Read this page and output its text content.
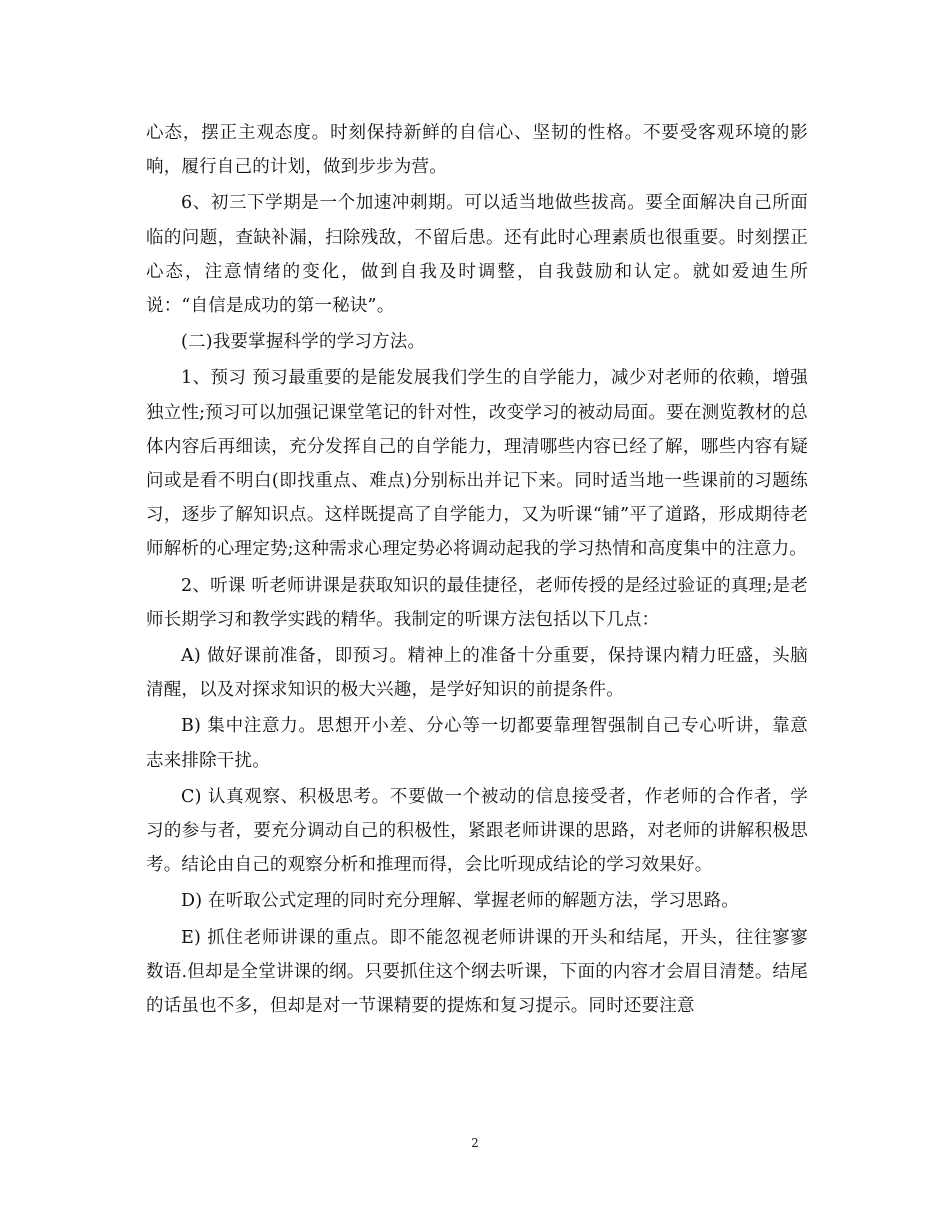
心态，摆正主观态度。时刻保持新鲜的自信心、坚韧的性格。不要受客观环境的影响，履行自己的计划，做到步步为营。

6、初三下学期是一个加速冲刺期。可以适当地做些拔高。要全面解决自己所面临的问题，查缺补漏，扫除残敌，不留后患。还有此时心理素质也很重要。时刻摆正心态，注意情绪的变化，做到自我及时调整，自我鼓励和认定。就如爱迪生所说：“自信是成功的第一秘诀”。

(二)我要掌握科学的学习方法。

1、预习 预习最重要的是能发展我们学生的自学能力，减少对老师的依赖，增强独立性;预习可以加强记课堂笔记的针对性，改变学习的被动局面。要在测览教材的总体内容后再细读，充分发挥自己的自学能力，理清哪些内容已经了解，哪些内容有疑问或是看不明白(即找重点、难点)分别标出并记下来。同时适当地一些课前的习题练习，逐步了解知识点。这样既提高了自学能力，又为听课“铺”平了道路，形成期待老师解析的心理定势;这种需求心理定势必将调动起我的学习热情和高度集中的注意力。

2、听课 听老师讲课是获取知识的最佳捷径，老师传授的是经过验证的真理;是老师长期学习和教学实践的精华。我制定的听课方法包括以下几点：

A) 做好课前准备，即预习。精神上的准备十分重要，保持课内精力旺盛，头脑清醒，以及对探求知识的极大兴趣，是学好知识的前提条件。

B) 集中注意力。思想开小差、分心等一切都要靠理智强制自己专心听讲，靠意志来排除干扰。

C) 认真观察、积极思考。不要做一个被动的信息接受者，作老师的合作者，学习的参与者，要充分调动自己的积极性，紧跟老师讲课的思路，对老师的讲解积极思考。结论由自己的观察分析和推理而得，会比听现成结论的学习效果好。

D) 在听取公式定理的同时充分理解、掌握老师的解题方法，学习思路。

E) 抓住老师讲课的重点。即不能忽视老师讲课的开头和结尾，开头，往往寥寥数语.但却是全堂讲课的纲。只要抓住这个纲去听课，下面的内容才会眉目清楚。结尾的话虽也不多，但却是对一节课精要的提炼和复习提示。同时还要注意

2
